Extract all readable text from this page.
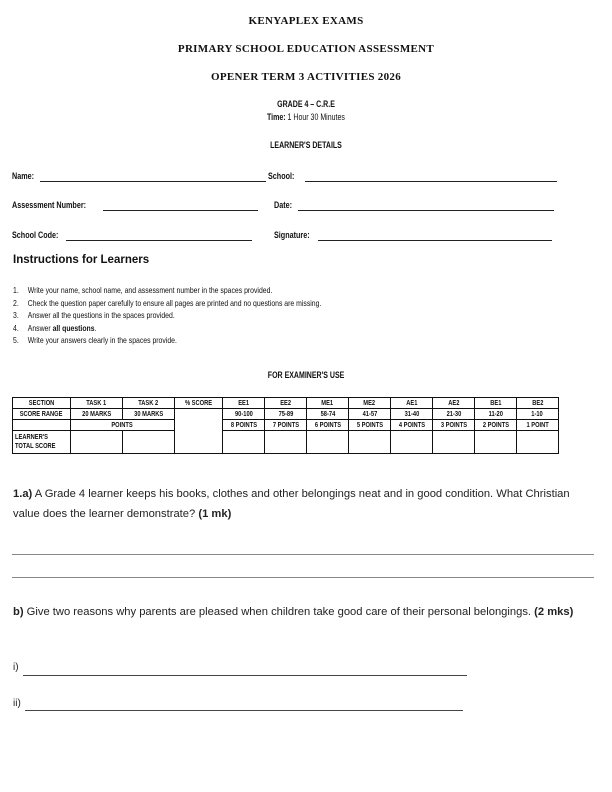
KENYAPLEX EXAMS
PRIMARY SCHOOL EDUCATION ASSESSMENT
OPENER TERM 3 ACTIVITIES 2026
GRADE 4 – C.R.E
Time: 1 Hour 30 Minutes
LEARNER'S DETAILS
Name:	School:
Assessment Number:	Date:
School Code:	Signature:
Instructions for Learners
1. Write your name, school name, and assessment number in the spaces provided.
2. Check the question paper carefully to ensure all pages are printed and no questions are missing.
3. Answer all the questions in the spaces provided.
4. Answer all questions.
5. Write your answers clearly in the spaces provide.
FOR EXAMINER'S USE
SECTION	TASK 1	TASK 2	% SCORE	EE1	EE2	ME1	ME2	AE1	AE2	BE1	BE2
SCORE RANGE	20 MARKS	30 MARKS		90-100	75-89	58-74	41-57	31-40	21-30	11-20	1-10
	POINTS			8 POINTS	7 POINTS	6 POINTS	5 POINTS	4 POINTS	3 POINTS	2 POINTS	1 POINT
LEARNER'S TOTAL SCORE											
1.a) A Grade 4 learner keeps his books, clothes and other belongings neat and in good condition. What Christian value does the learner demonstrate? (1 mk)
b) Give two reasons why parents are pleased when children take good care of their personal belongings. (2 mks)
i)
ii)
